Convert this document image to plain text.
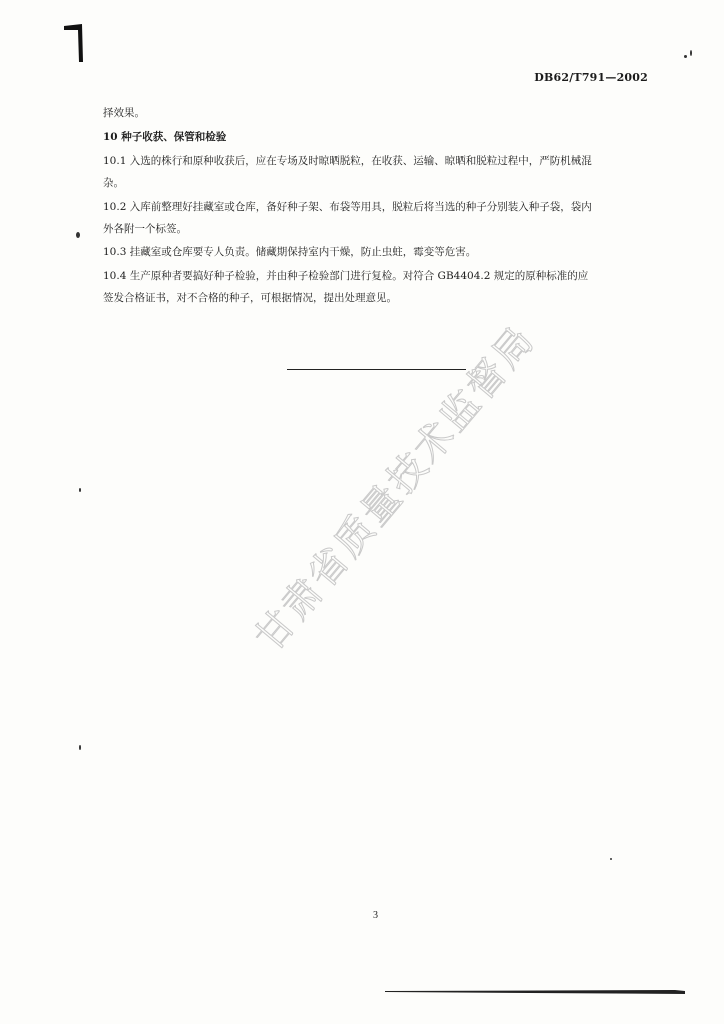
DB62/T791—2002
择效果。
10 种子收获、保管和检验
10.1 入选的株行和原种收获后，应在专场及时晾晒脱粒，在收获、运输、晾晒和脱粒过程中，严防机械混
杂。
10.2 入库前整理好挂藏室或仓库，备好种子架、布袋等用具，脱粒后将当选的种子分别装入种子袋，袋内
外各附一个标签。
10.3 挂藏室或仓库要专人负责。储藏期保持室内干燥，防止虫蛀，霉变等危害。
10.4 生产原种者要搞好种子检验，并由种子检验部门进行复检。对符合 GB4404.2 规定的原种标准的应
签发合格证书，对不合格的种子，可根据情况，提出处理意见。
甘肃省质量技术监督局
3
